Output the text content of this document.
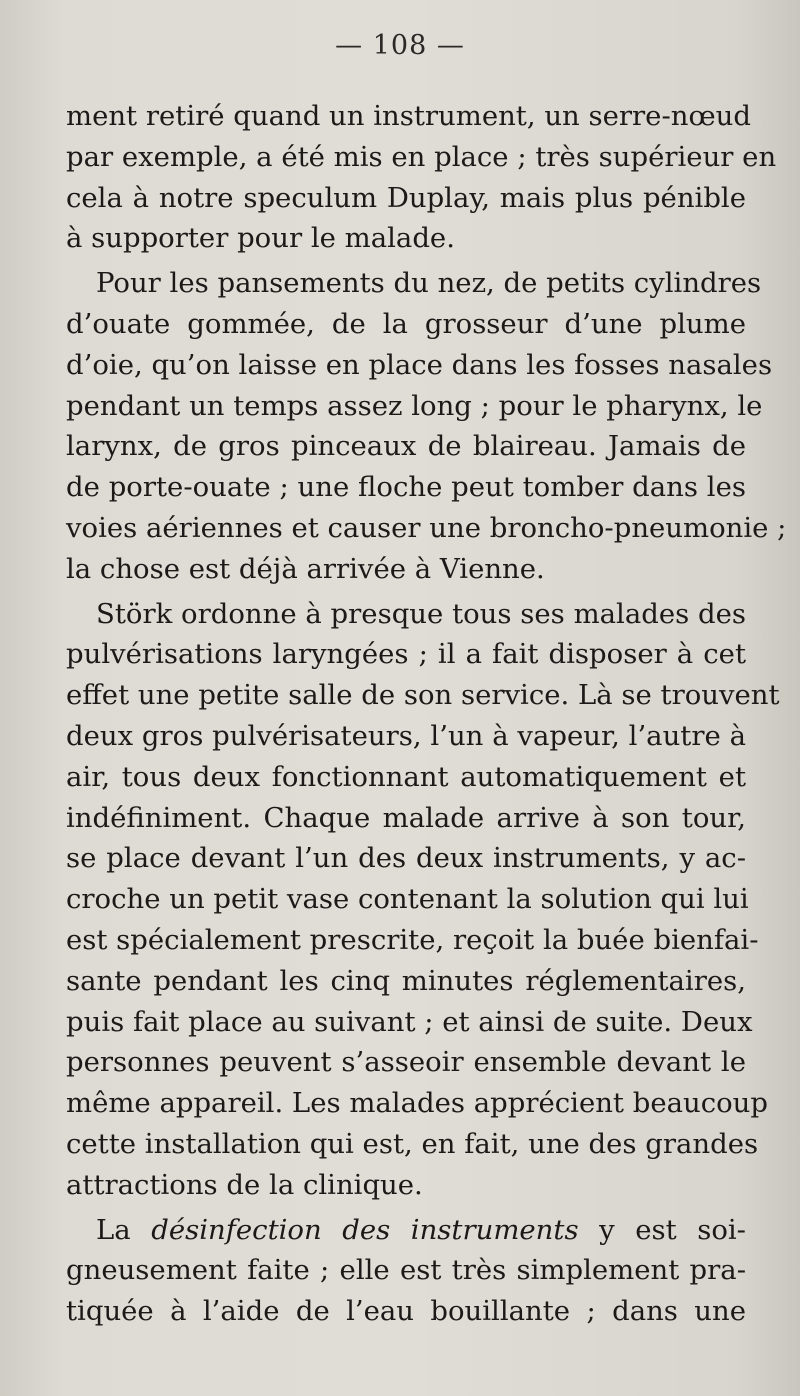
— 108 —
ment retiré quand un instrument, un serre-nœud
par exemple, a été mis en place ; très supérieur en
cela à notre speculum Duplay, mais plus pénible
à supporter pour le malade.
Pour les pansements du nez, de petits cylindres
d’ouate gommée, de la grosseur d’une plume
d’oie, qu’on laisse en place dans les fosses nasales
pendant un temps assez long ; pour le pharynx, le
larynx, de gros pinceaux de blaireau. Jamais de
de porte-ouate ; une floche peut tomber dans les
voies aériennes et causer une broncho-pneumonie ;
la chose est déjà arrivée à Vienne.
Störk ordonne à presque tous ses malades des
pulvérisations laryngées ; il a fait disposer à cet
effet une petite salle de son service. Là se trouvent
deux gros pulvérisateurs, l’un à vapeur, l’autre à
air, tous deux fonctionnant automatiquement et
indéfiniment. Chaque malade arrive à son tour,
se place devant l’un des deux instruments, y ac-
croche un petit vase contenant la solution qui lui
est spécialement prescrite, reçoit la buée bienfai-
sante pendant les cinq minutes réglementaires,
puis fait place au suivant ; et ainsi de suite. Deux
personnes peuvent s’asseoir ensemble devant le
même appareil. Les malades apprécient beaucoup
cette installation qui est, en fait, une des grandes
attractions de la clinique.
La désinfection des instruments y est soi-
gneusement faite ; elle est très simplement pra-
tiquée à l’aide de l’eau bouillante ; dans une
